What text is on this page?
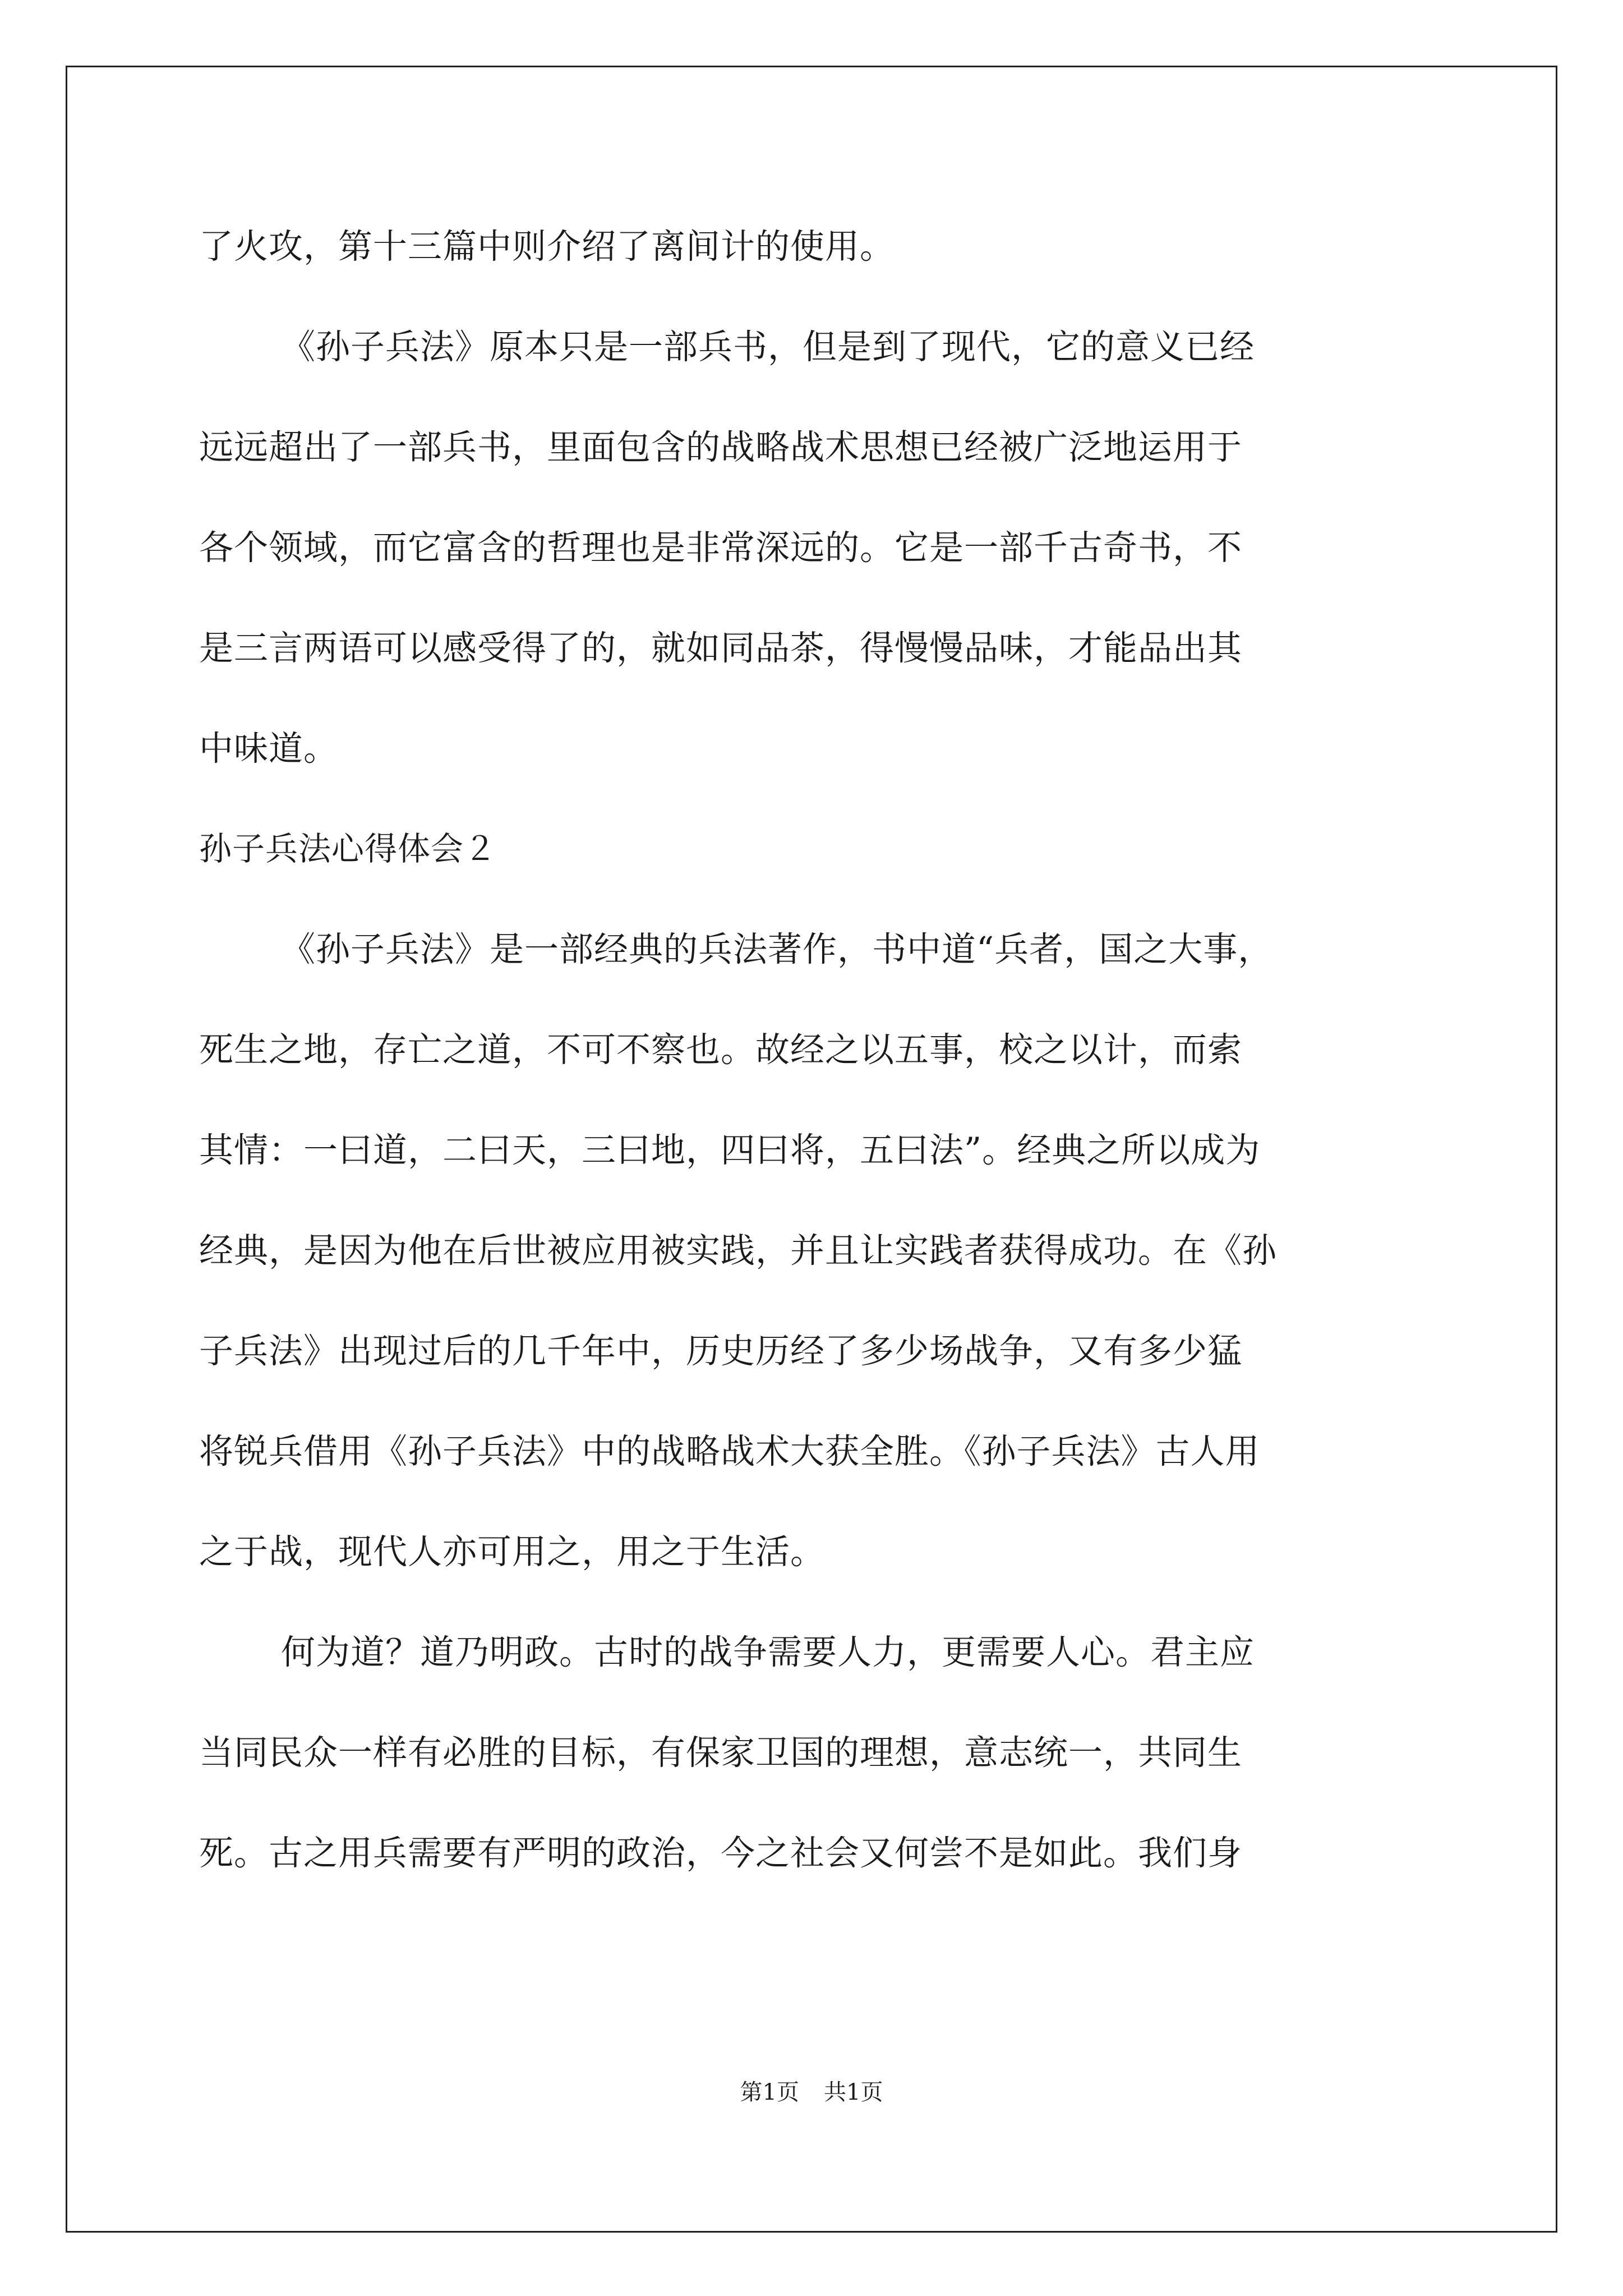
了火攻，第十三篇中则介绍了离间计的使用。
《孙子兵法》原本只是一部兵书，但是到了现代，它的意义已经
远远超出了一部兵书，里面包含的战略战术思想已经被广泛地运用于
各个领域，而它富含的哲理也是非常深远的。它是一部千古奇书，不
是三言两语可以感受得了的，就如同品茶，得慢慢品味，才能品出其
中味道。
孙子兵法心得体会２
《孙子兵法》是一部经典的兵法著作，书中道“兵者，国之大事，
死生之地，存亡之道，不可不察也。故经之以五事，校之以计，而索
其情：一曰道，二曰天，三曰地，四曰将，五曰法”。经典之所以成为
经典，是因为他在后世被应用被实践，并且让实践者获得成功。在《孙
子兵法》出现过后的几千年中，历史历经了多少场战争，又有多少猛
将锐兵借用《孙子兵法》中的战略战术大获全胜。《孙子兵法》古人用
之于战，现代人亦可用之，用之于生活。
何为道？道乃明政。古时的战争需要人力，更需要人心。君主应
当同民众一样有必胜的目标，有保家卫国的理想，意志统一，共同生
死。古之用兵需要有严明的政治，今之社会又何尝不是如此。我们身
第1页 共1页
